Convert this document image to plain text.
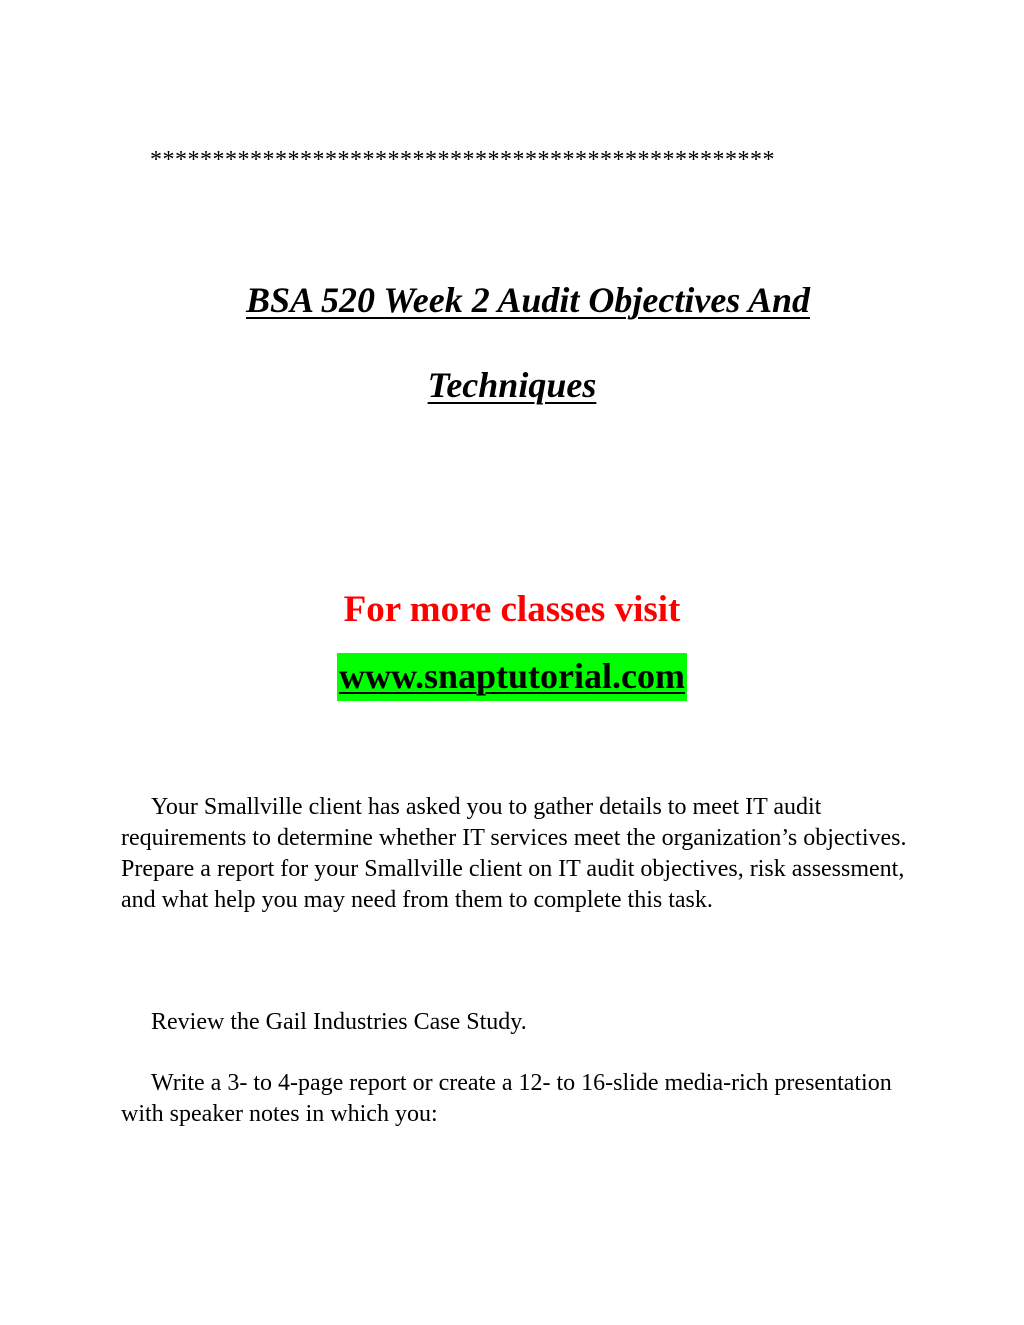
**************************************************
BSA 520 Week 2 Audit Objectives And
Techniques
For more classes visit
www.snaptutorial.com

Your Smallville client has asked you to gather details to meet IT audit requirements to determine whether IT services meet the organization’s objectives. Prepare a report for your Smallville client on IT audit objectives, risk assessment, and what help you may need from them to complete this task.

Review the Gail Industries Case Study.

Write a 3- to 4-page report or create a 12- to 16-slide media-rich presentation with speaker notes in which you:
